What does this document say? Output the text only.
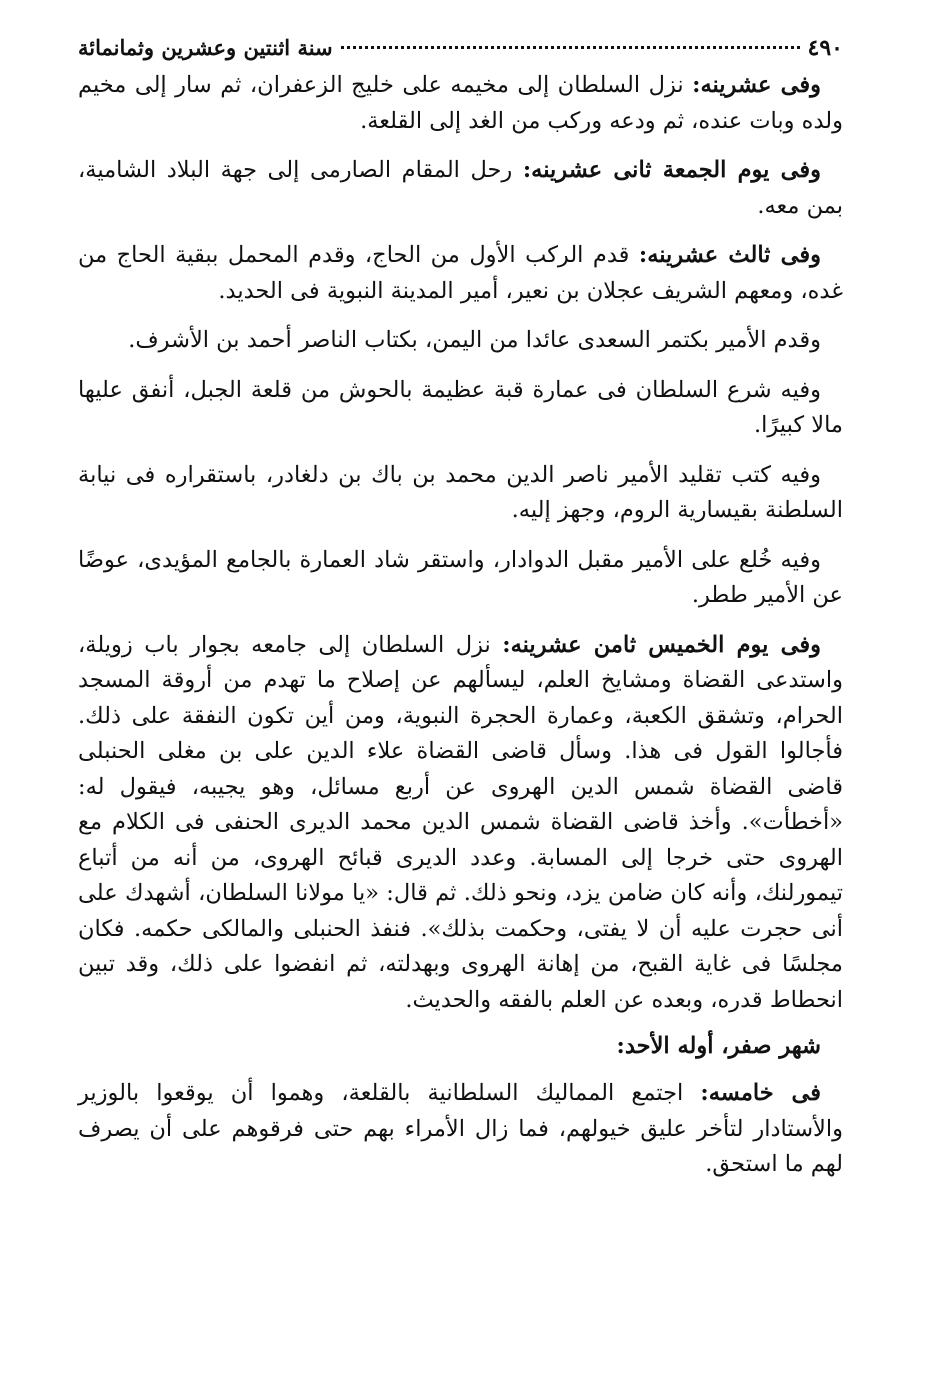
٤٩٠
سنة اثنتين وعشرين وثمانمائة

وفى عشرينه: نزل السلطان إلى مخيمه على خليج الزعفران، ثم سار إلى مخيم ولده وبات عنده، ثم ودعه وركب من الغد إلى القلعة.

وفى يوم الجمعة ثانى عشرينه: رحل المقام الصارمى إلى جهة البلاد الشامية، بمن معه.

وفى ثالث عشرينه: قدم الركب الأول من الحاج، وقدم المحمل ببقية الحاج من غده، ومعهم الشريف عجلان بن نعير، أمير المدينة النبوية فى الحديد.

وقدم الأمير بكتمر السعدى عائدا من اليمن، بكتاب الناصر أحمد بن الأشرف.

وفيه شرع السلطان فى عمارة قبة عظيمة بالحوش من قلعة الجبل، أنفق عليها مالا كبيرًا.

وفيه كتب تقليد الأمير ناصر الدين محمد بن باك بن دلغادر، باستقراره فى نيابة السلطنة بقيسارية الروم، وجهز إليه.

وفيه خُلع على الأمير مقبل الدوادار، واستقر شاد العمارة بالجامع المؤيدى، عوضًا عن الأمير ططر.

وفى يوم الخميس ثامن عشرينه: نزل السلطان إلى جامعه بجوار باب زويلة، واستدعى القضاة ومشايخ العلم، ليسألهم عن إصلاح ما تهدم من أروقة المسجد الحرام، وتشقق الكعبة، وعمارة الحجرة النبوية، ومن أين تكون النفقة على ذلك. فأجالوا القول فى هذا. وسأل قاضى القضاة علاء الدين على بن مغلى الحنبلى قاضى القضاة شمس الدين الهروى عن أربع مسائل، وهو يجيبه، فيقول له: «أخطأت». وأخذ قاضى القضاة شمس الدين محمد الديرى الحنفى فى الكلام مع الهروى حتى خرجا إلى المسابة. وعدد الديرى قبائح الهروى، من أنه من أتباع تيمورلنك، وأنه كان ضامن يزد، ونحو ذلك. ثم قال: «يا مولانا السلطان، أشهدك على أنى حجرت عليه أن لا يفتى، وحكمت بذلك». فنفذ الحنبلى والمالكى حكمه. فكان مجلسًا فى غاية القبح، من إهانة الهروى وبهدلته، ثم انفضوا على ذلك، وقد تبين انحطاط قدره، وبعده عن العلم بالفقه والحديث.

شهر صفر، أوله الأحد:

فى خامسه: اجتمع المماليك السلطانية بالقلعة، وهموا أن يوقعوا بالوزير والأستادار لتأخر عليق خيولهم، فما زال الأمراء بهم حتى فرقوهم على أن يصرف لهم ما استحق.
